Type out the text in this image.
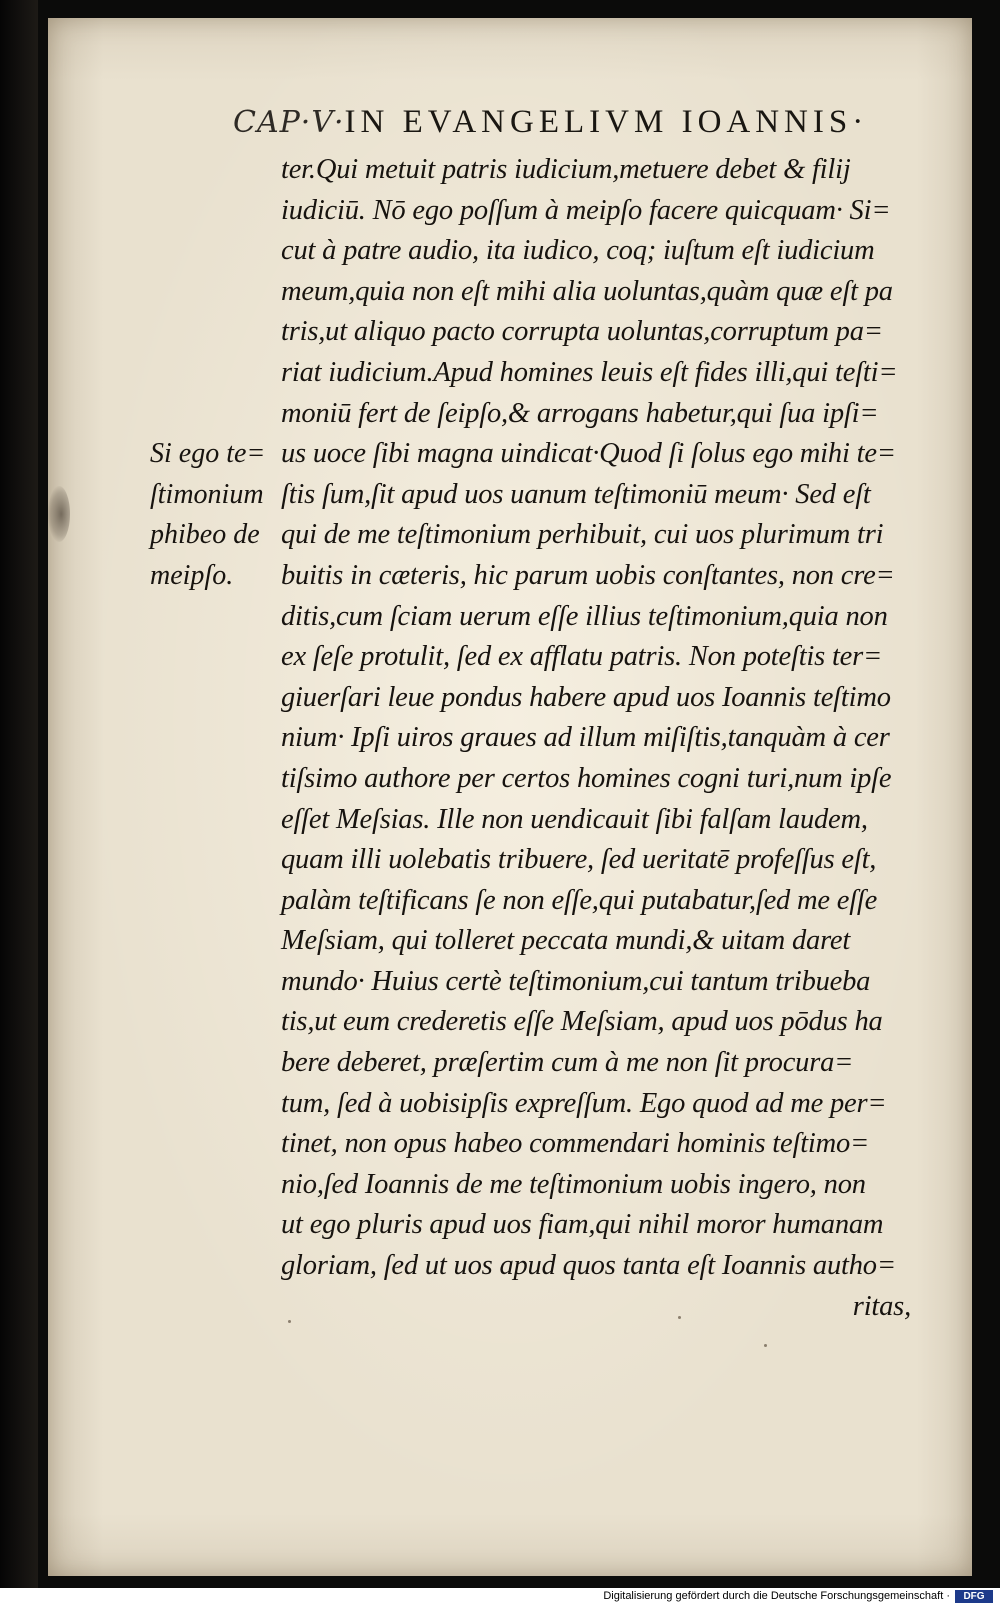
CAP·V·IN EVANGELIVM IOANNIS·
Si ego te=
ſtimonium
phibeo de
meipſo.
ter.Qui metuit patris iudicium,metuere debet & filij
iudiciū. Nō ego poſſum à meipſo facere quicquam· Si=
cut à patre audio, ita iudico, coq; iuſtum eſt iudicium
meum,quia non eſt mihi alia uoluntas,quàm quæ eſt pa
tris,ut aliquo pacto corrupta uoluntas,corruptum pa=
riat iudicium.Apud homines leuis eſt fides illi,qui teſti=
moniū fert de ſeipſo,& arrogans habetur,qui ſua ipſi=
us uoce ſibi magna uindicat·Quod ſi ſolus ego mihi te=
ſtis ſum,ſit apud uos uanum teſtimoniū meum· Sed eſt
qui de me teſtimonium perhibuit, cui uos plurimum tri
buitis in cæteris, hic parum uobis conſtantes, non cre=
ditis,cum ſciam uerum eſſe illius teſtimonium,quia non
ex ſeſe protulit, ſed ex afflatu patris. Non poteſtis ter=
giuerſari leue pondus habere apud uos Ioannis teſtimo
nium· Ipſi uiros graues ad illum miſiſtis,tanquàm à cer
tiſsimo authore per certos homines cogni turi,num ipſe
eſſet Meſsias. Ille non uendicauit ſibi falſam laudem,
quam illi uolebatis tribuere, ſed ueritatē profeſſus eſt,
palàm teſtificans ſe non eſſe,qui putabatur,ſed me eſſe
Meſsiam, qui tolleret peccata mundi,& uitam daret
mundo· Huius certè teſtimonium,cui tantum tribueba
tis,ut eum crederetis eſſe Meſsiam, apud uos pōdus ha
bere deberet, præſertim cum à me non ſit procura=
tum, ſed à uobisipſis expreſſum. Ego quod ad me per=
tinet, non opus habeo commendari hominis teſtimo=
nio,ſed Ioannis de me teſtimonium uobis ingero, non
ut ego pluris apud uos fiam,qui nihil moror humanam
gloriam, ſed ut uos apud quos tanta eſt Ioannis autho=
ritas,
Digitalisierung gefördert durch die Deutsche Forschungsgemeinschaft ·	DFG
